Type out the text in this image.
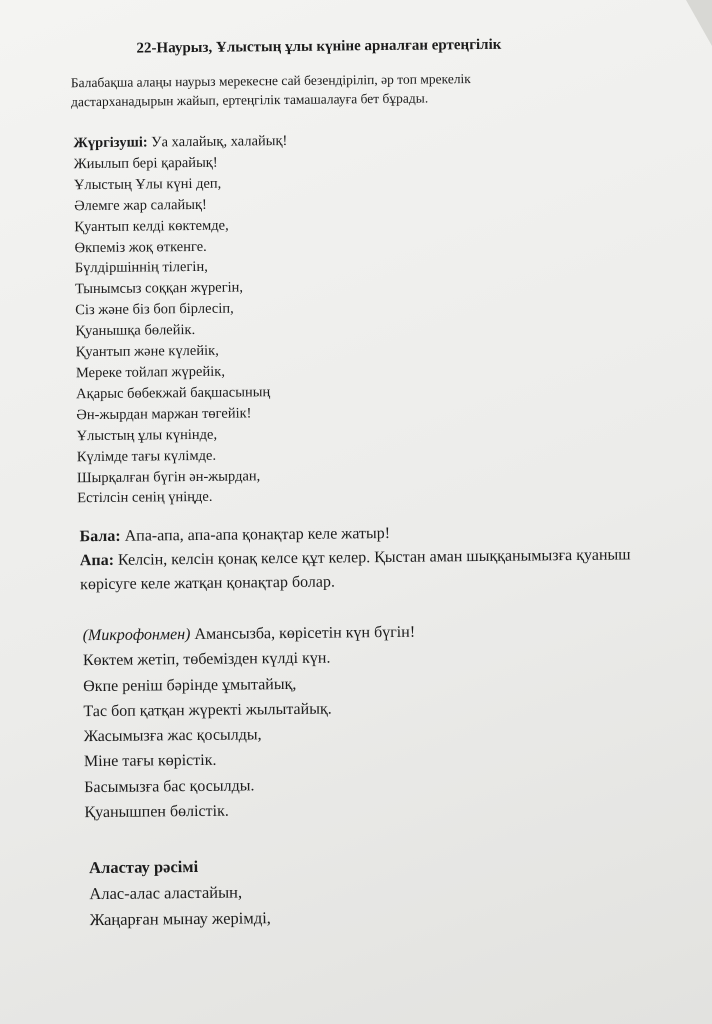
22-Наурыз, Ұлыстың ұлы күніне арналған ертеңгілік
Балабақша алаңы наурыз мерекесне сай безендіріліп, әр топ мрекелік
дастарханадырын жайып, ертеңгілік тамашалауға бет бұрады.
Жүргізуші: Уа халайық, халайық!
Жиылып бері қарайық!
Ұлыстың Ұлы күні деп,
Әлемге жар салайық!
Қуантып келді көктемде,
Өкпеміз жоқ өткенге.
Бүлдіршіннің тілегін,
Тынымсыз соққан жүрегін,
Сіз және біз боп бірлесіп,
Қуанышқа бөлейік.
Қуантып және күлейік,
Мереке тойлап жүрейік,
Ақарыс бөбекжай бақшасының
Ән-жырдан маржан төгейік!
Ұлыстың ұлы күнінде,
Күлімде тағы күлімде.
Шырқалған бүгін ән-жырдан,
Естілсін сенің үніңде.
Бала: Апа-апа, апа-апа қонақтар келе жатыр!
Апа: Келсін, келсін қонақ келсе құт келер. Қыстан аман шыққанымызға қуаныш
көрісуге келе жатқан қонақтар болар.
(Микрофонмен) Амансызба, көрісетін күн бүгін!
Көктем жетіп, төбемізден күлді күн.
Өкпе реніш бәрінде ұмытайық,
Тас боп қатқан жүректі жылытайық.
Жасымызға жас қосылды,
Міне тағы көрістік.
Басымызға бас қосылды.
Қуанышпен бөлістік.
Аластау рәсімі
Алас-алас аластайын,
Жаңарған мынау жерімді,
